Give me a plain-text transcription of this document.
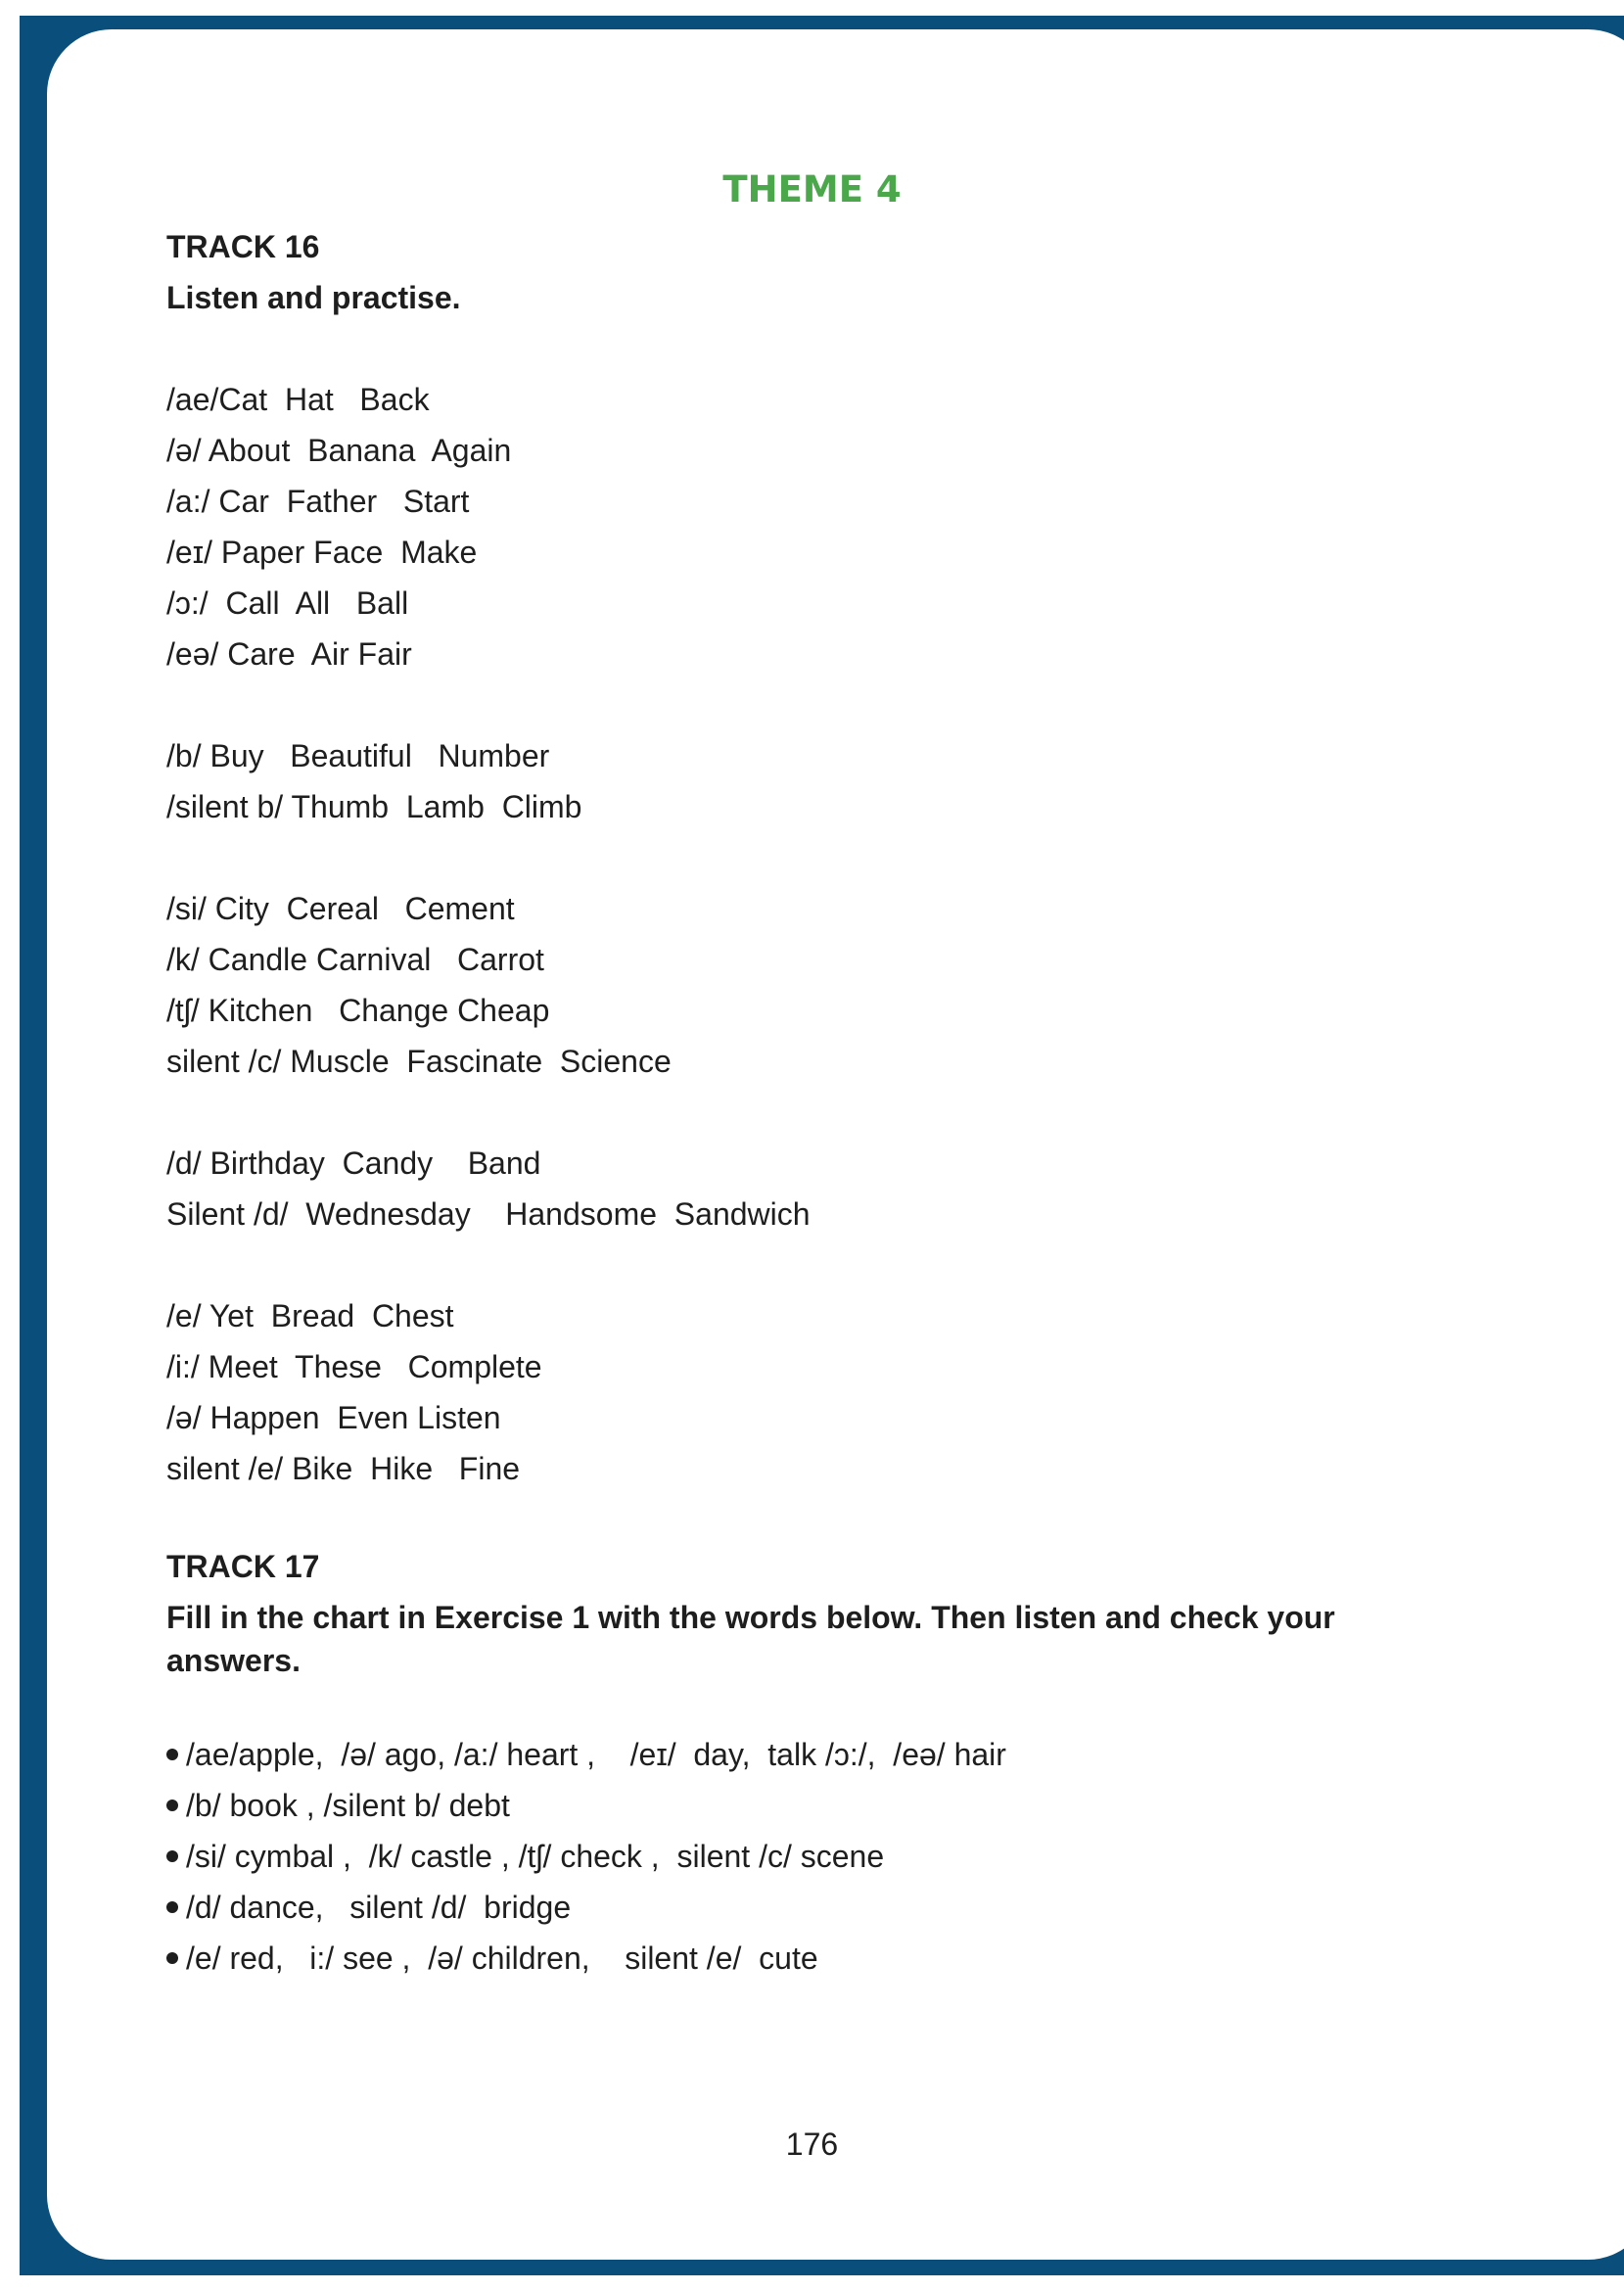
THEME 4

TRACK 16

Listen and practise.

/ae/Cat  Hat   Back
/ə/ About  Banana  Again
/a:/ Car  Father   Start
/eɪ/ Paper Face  Make
/ɔ:/  Call  All   Ball
/eə/ Care  Air Fair
/b/ Buy   Beautiful   Number
/silent b/ Thumb  Lamb  Climb
/si/ City  Cereal   Cement
/k/ Candle Carnival   Carrot
/tʃ/ Kitchen   Change Cheap
silent /c/ Muscle  Fascinate  Science
/d/ Birthday  Candy    Band
Silent /d/  Wednesday    Handsome  Sandwich
/e/ Yet  Bread  Chest
/i:/ Meet  These   Complete
/ə/ Happen  Even Listen
silent /e/ Bike  Hike   Fine

TRACK 17

Fill in the chart in Exercise 1 with the words below. Then listen and check your answers.

/ae/apple,  /ə/ ago, /a:/ heart ,    /eɪ/  day,  talk /ɔ:/,  /eə/ hair
/b/ book , /silent b/ debt
/si/ cymbal ,  /k/ castle , /tʃ/ check ,  silent /c/ scene
/d/ dance,   silent /d/  bridge
/e/ red,   i:/ see ,  /ə/ children,    silent /e/  cute

176
